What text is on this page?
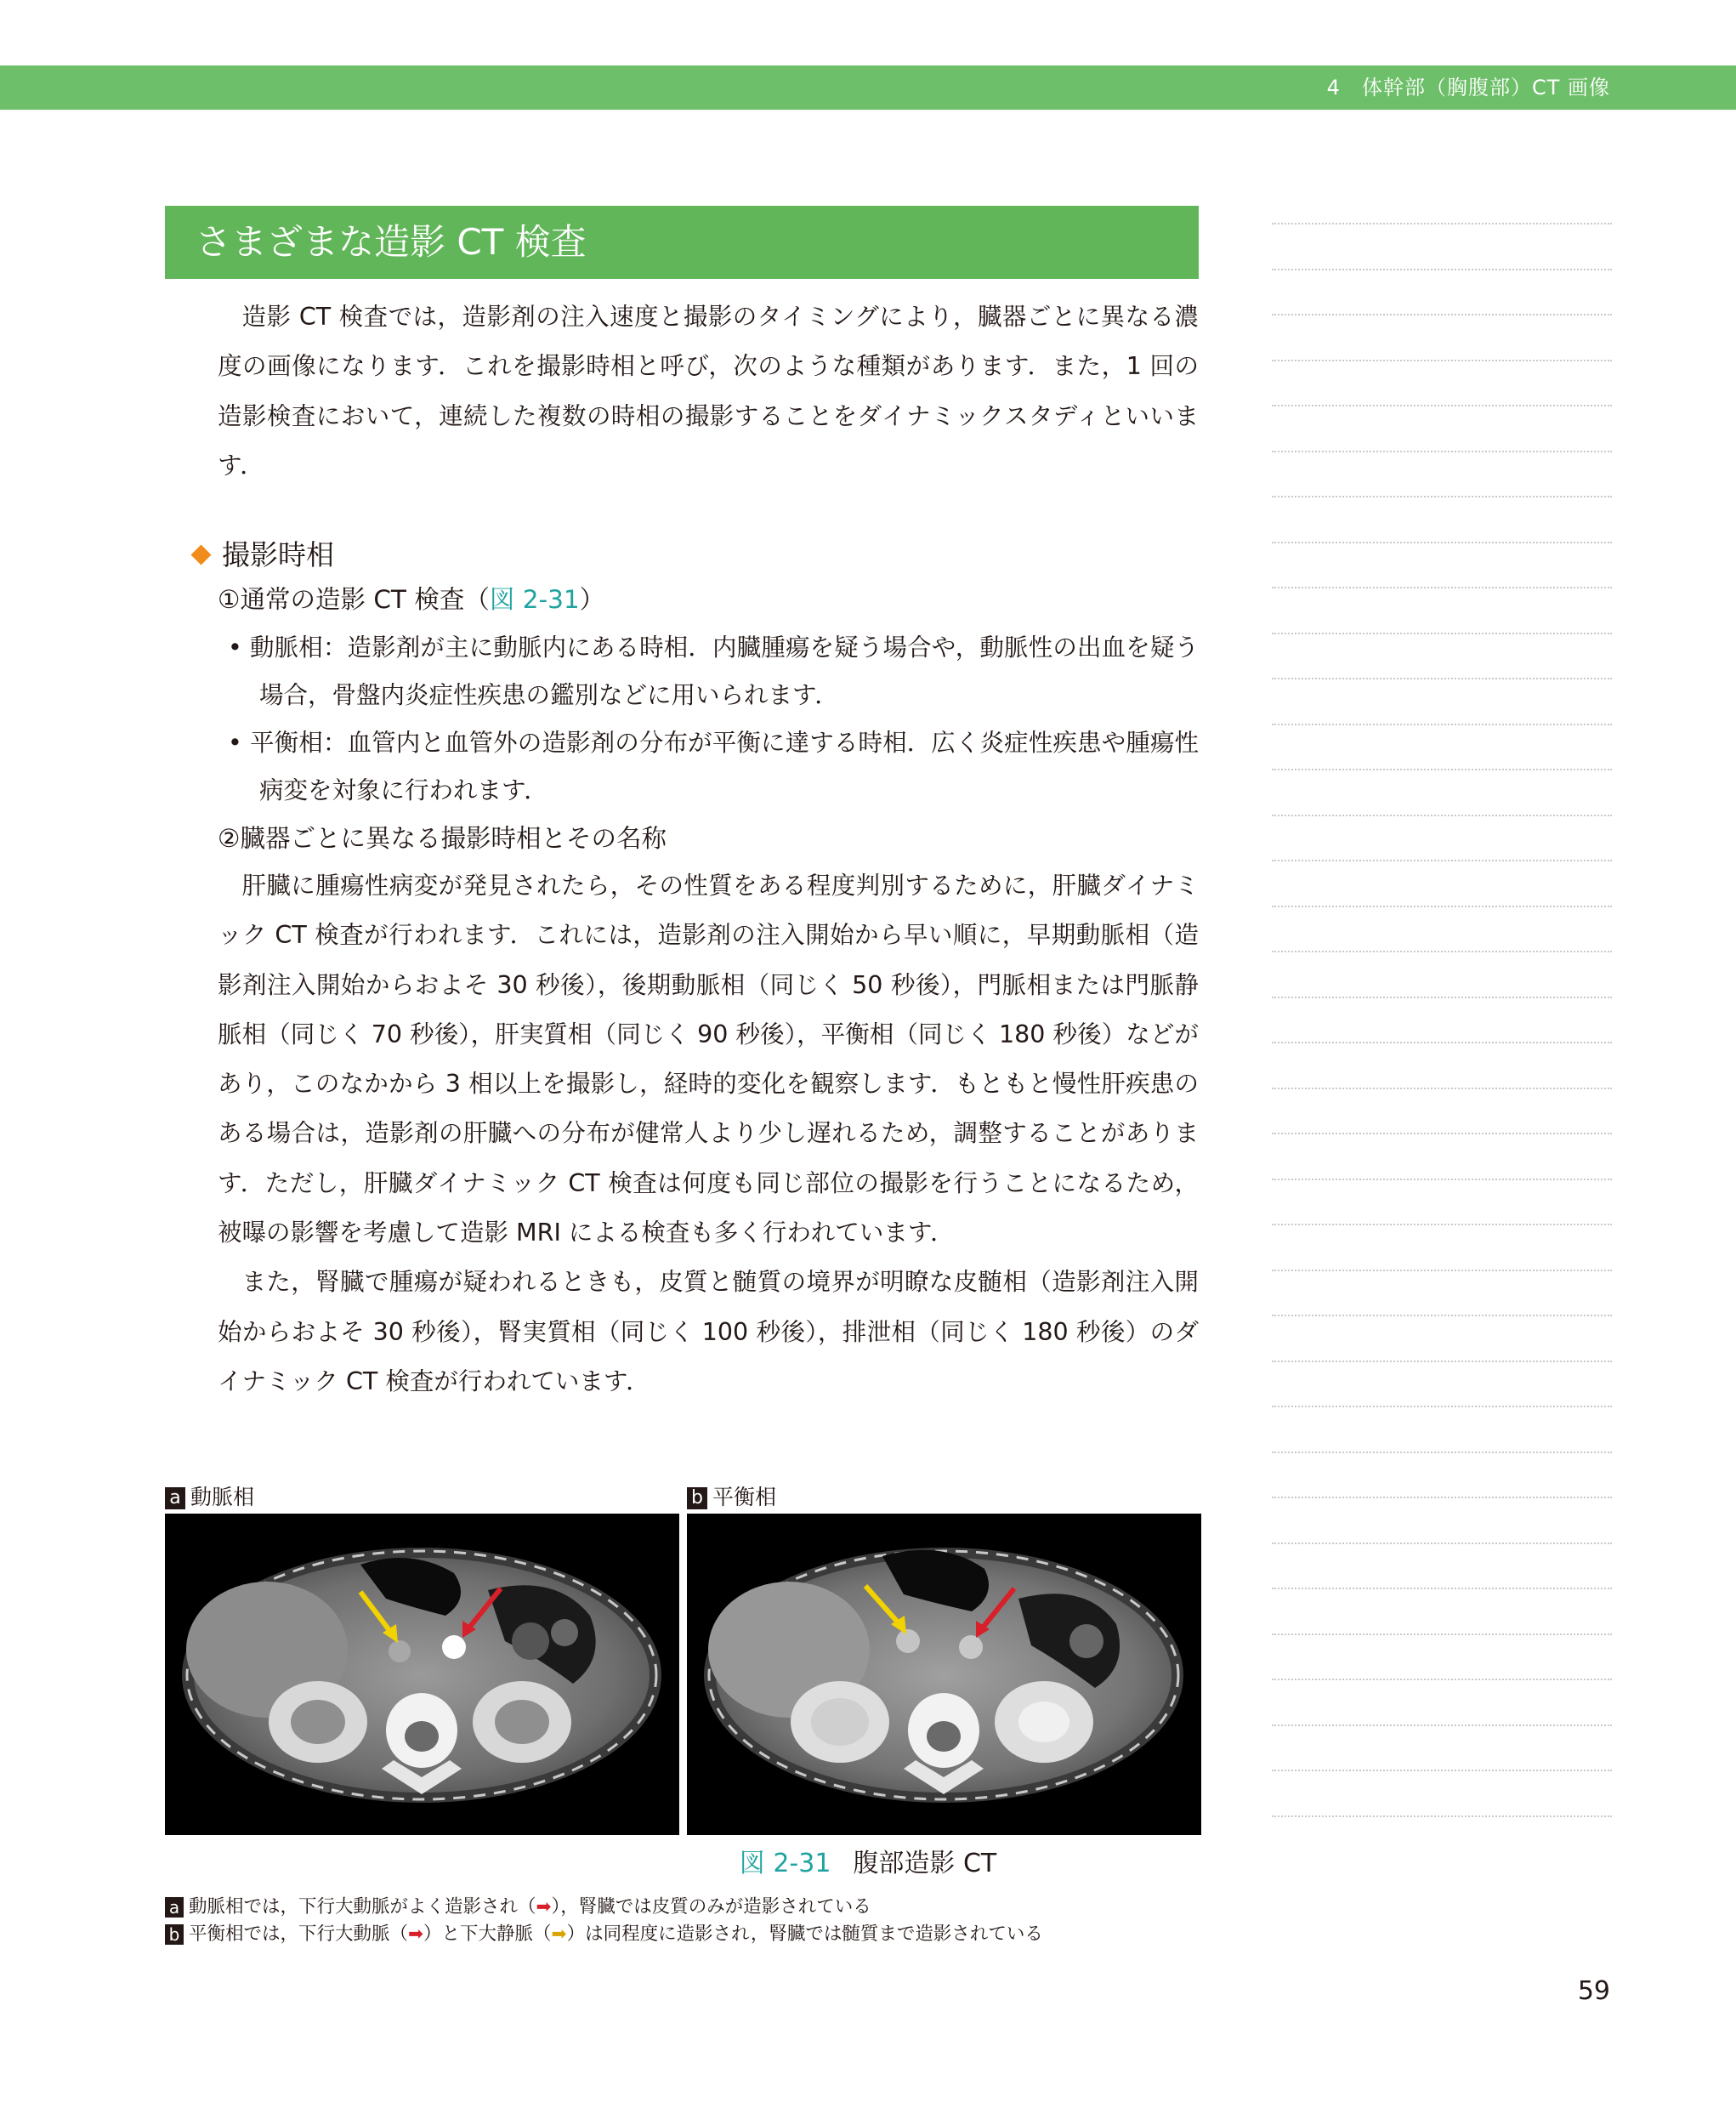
4　体幹部（胸腹部）CT 画像
さまざまな造影 CT 検査

造影 CT 検査では，造影剤の注入速度と撮影のタイミングにより，臓器ごとに異なる濃度の画像になります．これを撮影時相と呼び，次のような種類があります．また，1 回の造影検査において，連続した複数の時相の撮影することをダイナミックスタディといいます．

撮影時相
①通常の造影 CT 検査（図 2-31）
• 動脈相：造影剤が主に動脈内にある時相．内臓腫瘍を疑う場合や，動脈性の出血を疑う場合，骨盤内炎症性疾患の鑑別などに用いられます．
• 平衡相：血管内と血管外の造影剤の分布が平衡に達する時相．広く炎症性疾患や腫瘍性病変を対象に行われます．
②臓器ごとに異なる撮影時相とその名称

肝臓に腫瘍性病変が発見されたら，その性質をある程度判別するために，肝臓ダイナミック CT 検査が行われます．これには，造影剤の注入開始から早い順に，早期動脈相（造影剤注入開始からおよそ 30 秒後），後期動脈相（同じく 50 秒後），門脈相または門脈静脈相（同じく 70 秒後），肝実質相（同じく 90 秒後），平衡相（同じく 180 秒後）などがあり，このなかから 3 相以上を撮影し，経時的変化を観察します．もともと慢性肝疾患のある場合は，造影剤の肝臓への分布が健常人より少し遅れるため，調整することがあります．ただし，肝臓ダイナミック CT 検査は何度も同じ部位の撮影を行うことになるため，被曝の影響を考慮して造影 MRI による検査も多く行われています．

また，腎臓で腫瘍が疑われるときも，皮質と髄質の境界が明瞭な皮髄相（造影剤注入開始からおよそ 30 秒後），腎実質相（同じく 100 秒後），排泄相（同じく 180 秒後）のダイナミック CT 検査が行われています．

a 動脈相	b 平衡相
図 2-31 腹部造影 CT
a 動脈相では，下行大動脈がよく造影され（➡），腎臓では皮質のみが造影されている
b 平衡相では，下行大動脈（➡）と下大静脈（➡）は同程度に造影され，腎臓では髄質まで造影されている
59
